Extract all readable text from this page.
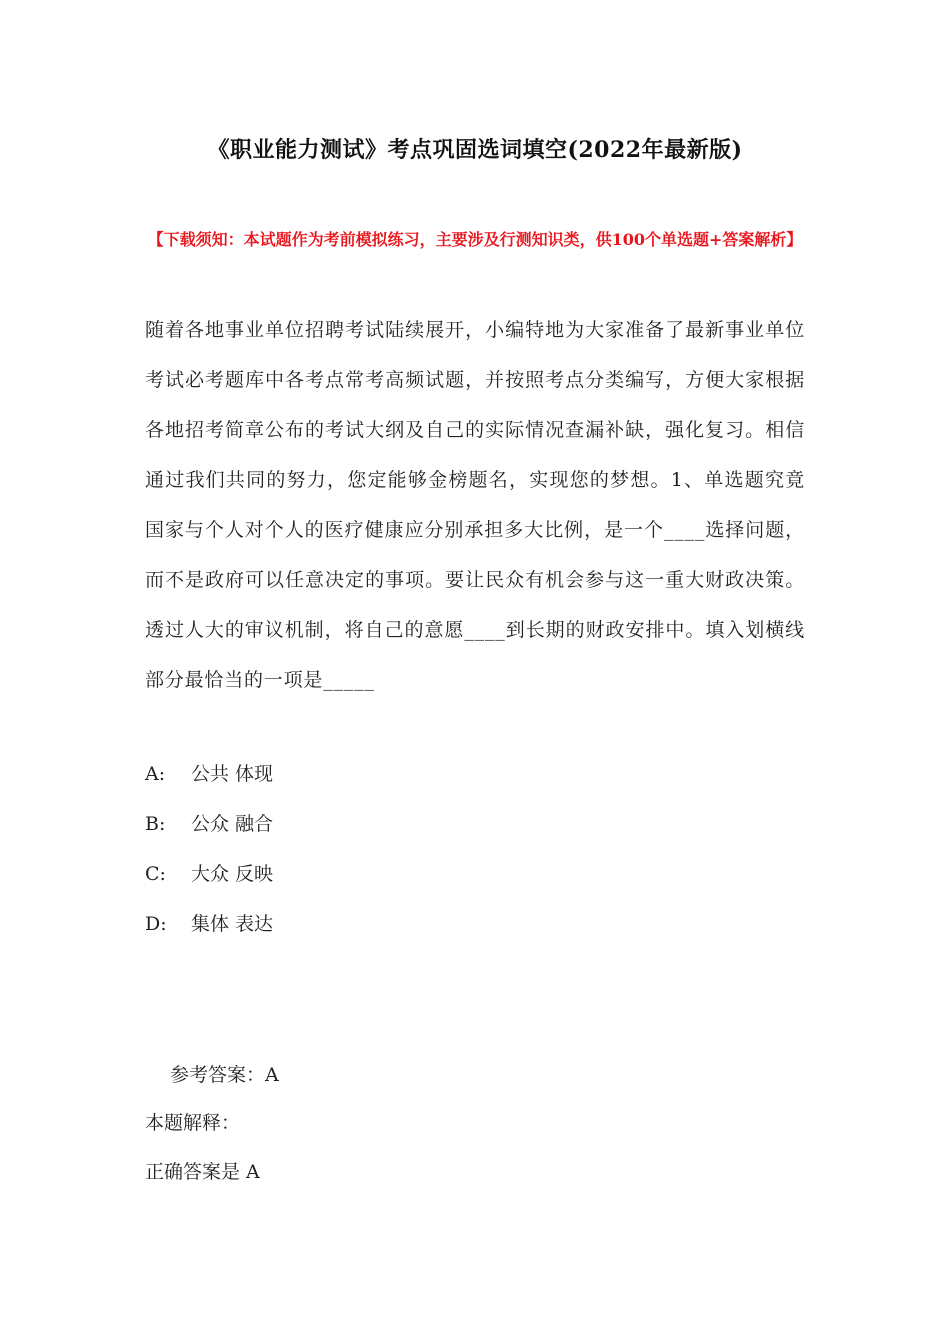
《职业能力测试》考点巩固选词填空(2022年最新版)
【下载须知：本试题作为考前模拟练习，主要涉及行测知识类，供100个单选题+答案解析】
随着各地事业单位招聘考试陆续展开，小编特地为大家准备了最新事业单位考试必考题库中各考点常考高频试题，并按照考点分类编写，方便大家根据各地招考简章公布的考试大纲及自己的实际情况查漏补缺，强化复习。相信通过我们共同的努力，您定能够金榜题名，实现您的梦想。1、单选题究竟国家与个人对个人的医疗健康应分别承担多大比例，是一个____选择问题，而不是政府可以任意决定的事项。要让民众有机会参与这一重大财政决策。透过人大的审议机制，将自己的意愿____到长期的财政安排中。填入划横线部分最恰当的一项是_____
A: 公共 体现
B: 公众 融合
C: 大众 反映
D: 集体 表达
参考答案：A
本题解释：
正确答案是 A
